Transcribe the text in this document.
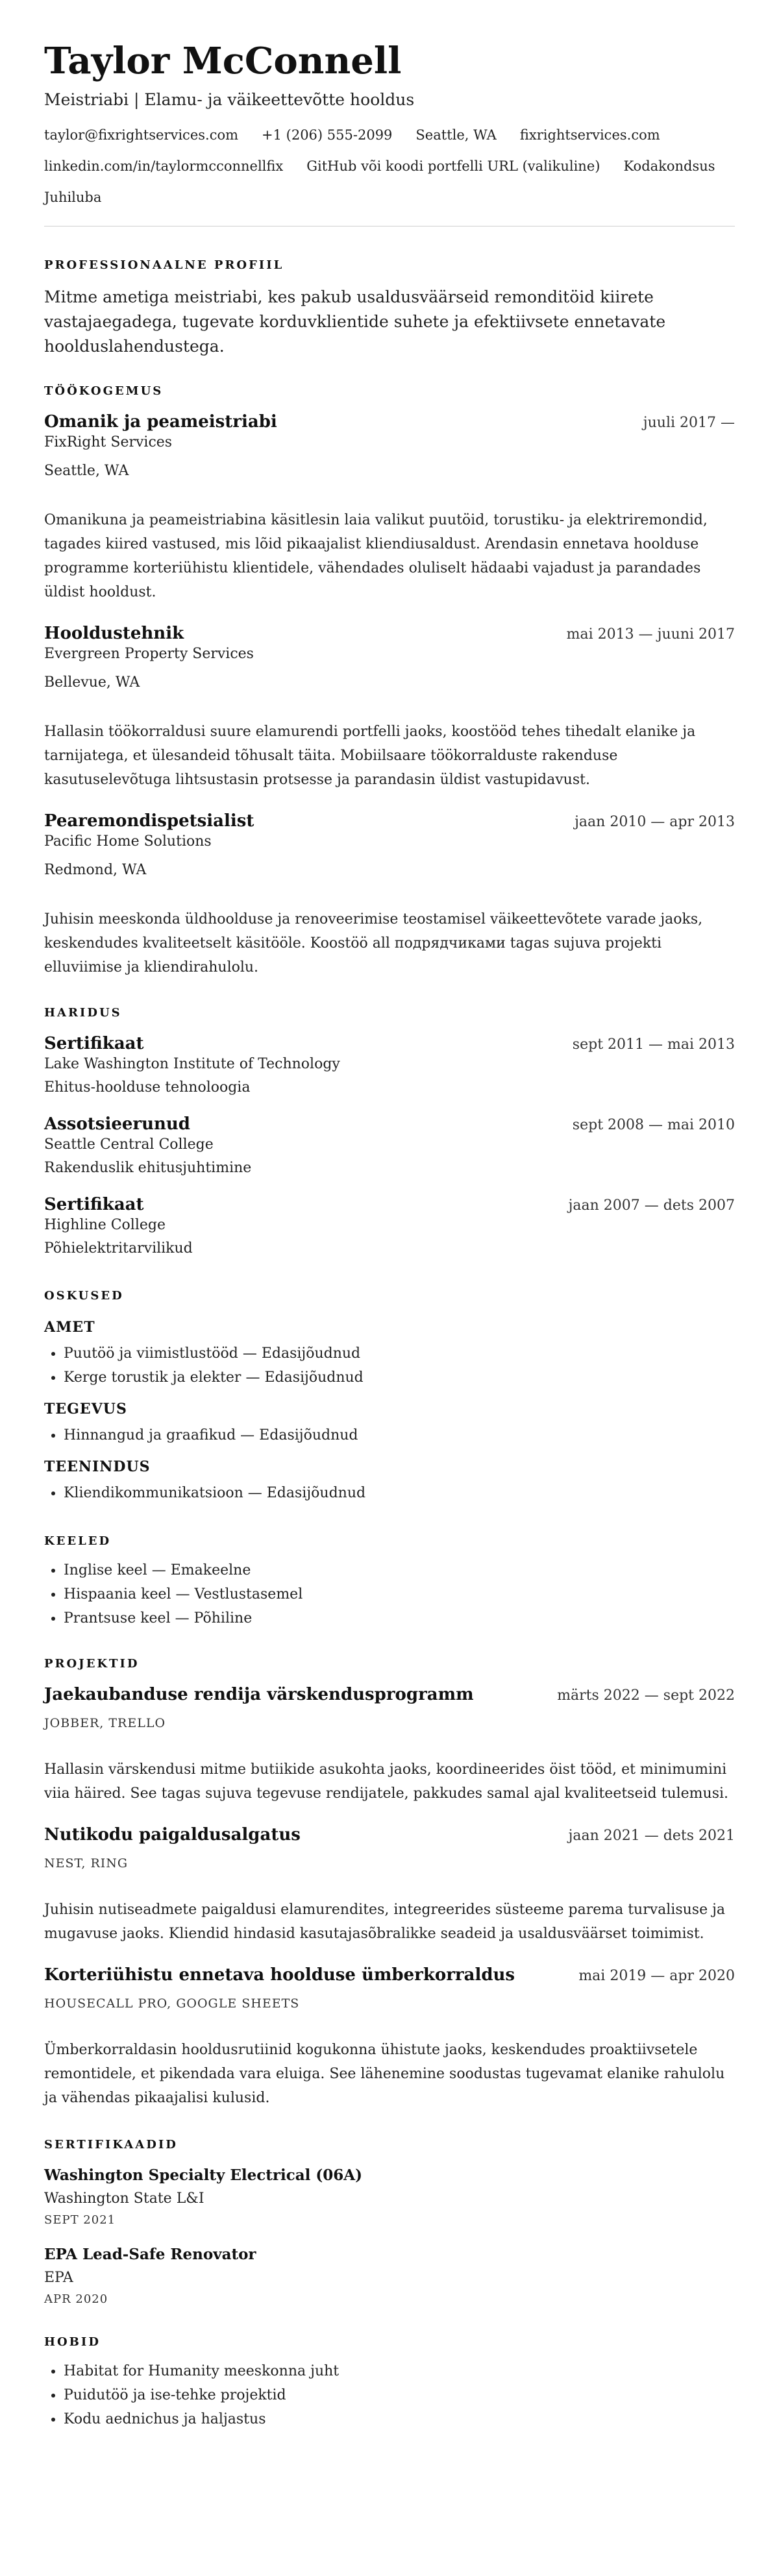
Taylor McConnell
Meistriabi | Elamu- ja väikeettevõtte hooldus
taylor@fixrightservices.com +1 (206) 555-2099 Seattle, WA fixrightservices.com
linkedin.com/in/taylormcconnellfix GitHub või koodi portfelli URL (valikuline) Kodakondsus
Juhiluba
PROFESSIONAALNE PROFIIL
Mitme ametiga meistriabi, kes pakub usaldusväärseid remonditöid kiirete vastajaegadega, tugevate korduvklientide suhete ja efektiivsete ennetavate hoolduslahendustega.
TÖÖKOGEMUS
Omanik ja peameistriabi	juuli 2017 —
FixRight Services
Seattle, WA
Omanikuna ja peameistriabina käsitlesin laia valikut puutöid, torustiku- ja elektriremondid, tagades kiired vastused, mis lõid pikaajalist kliendiusaldust. Arendasin ennetava hoolduse programme korteriühistu klientidele, vähendades oluliselt hädaabi vajadust ja parandades üldist hooldust.
Hooldustehnik	mai 2013 — juuni 2017
Evergreen Property Services
Bellevue, WA
Hallasin töökorraldusi suure elamurendi portfelli jaoks, koostööd tehes tihedalt elanike ja tarnijatega, et ülesandeid tõhusalt täita. Mobiilsaare töökorralduste rakenduse kasutuselevõtuga lihtsustasin protsesse ja parandasin üldist vastupidavust.
Pearemondispetsialist	jaan 2010 — apr 2013
Pacific Home Solutions
Redmond, WA
Juhisin meeskonda üldhoolduse ja renoveerimise teostamisel väikeettevõtete varade jaoks, keskendudes kvaliteetselt käsitööle. Koostöö all подрядчиками tagas sujuva projekti elluviimise ja kliendirahulolu.
HARIDUS
Sertifikaat	sept 2011 — mai 2013
Lake Washington Institute of Technology
Ehitus-hoolduse tehnoloogia
Assotsieerunud	sept 2008 — mai 2010
Seattle Central College
Rakenduslik ehitusjuhtimine
Sertifikaat	jaan 2007 — dets 2007
Highline College
Põhielektritarvilikud
OSKUSED
AMET
• Puutöö ja viimistlustööd — Edasijõudnud
• Kerge torustik ja elekter — Edasijõudnud
TEGEVUS
• Hinnangud ja graafikud — Edasijõudnud
TEENINDUS
• Kliendikommunikatsioon — Edasijõudnud
KEELED
• Inglise keel — Emakeelne
• Hispaania keel — Vestlustasemel
• Prantsuse keel — Põhiline
PROJEKTID
Jaekaubanduse rendija värskendusprogramm	märts 2022 — sept 2022
JOBBER, TRELLO
Hallasin värskendusi mitme butiikide asukohta jaoks, koordineerides öist tööd, et minimumini viia häired. See tagas sujuva tegevuse rendijatele, pakkudes samal ajal kvaliteetseid tulemusi.
Nutikodu paigaldusalgatus	jaan 2021 — dets 2021
NEST, RING
Juhisin nutiseadmete paigaldusi elamurendites, integreerides süsteeme parema turvalisuse ja mugavuse jaoks. Kliendid hindasid kasutajasõbralikke seadeid ja usaldusväärset toimimist.
Korteriühistu ennetava hoolduse ümberkorraldus	mai 2019 — apr 2020
HOUSECALL PRO, GOOGLE SHEETS
Ümberkorraldasin hooldusrutiinid kogukonna ühistute jaoks, keskendudes proaktiivsetele remontidele, et pikendada vara eluiga. See lähenemine soodustas tugevamat elanike rahulolu ja vähendas pikaajalisi kulusid.
SERTIFIKAADID
Washington Specialty Electrical (06A)
Washington State L&I
SEPT 2021
EPA Lead-Safe Renovator
EPA
APR 2020
HOBID
• Habitat for Humanity meeskonna juht
• Puidutöö ja ise-tehke projektid
• Kodu aednichus ja haljastus
